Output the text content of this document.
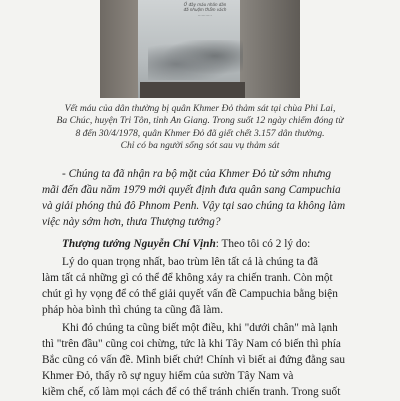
Ở đây máu nhân dân
đã nhuộm thắm vách
...........
Vết máu của dân thường bị quân Khmer Đỏ thảm sát tại chùa Phi Lai,
Ba Chúc, huyện Tri Tôn, tỉnh An Giang. Trong suốt 12 ngày chiếm đóng từ
8 đến 30/4/1978, quân Khmer Đỏ đã giết chết 3.157 dân thường.
Chỉ có ba người sống sót sau vụ thảm sát

- Chúng ta đã nhận ra bộ mặt của Khmer Đỏ từ sớm nhưng
mãi đến đầu năm 1979 mới quyết định đưa quân sang Campuchia
và giải phóng thủ đô Phnom Penh. Vậy tại sao chúng ta không làm
việc này sớm hơn, thưa Thượng tướng?

Thượng tướng Nguyễn Chí Vịnh: Theo tôi có 2 lý do:

Lý do quan trọng nhất, bao trùm lên tất cả là chúng ta đã
làm tất cả những gì có thể để không xảy ra chiến tranh. Còn một
chút gì hy vọng để có thể giải quyết vấn đề Campuchia bằng biện
pháp hòa bình thì chúng ta cũng đã làm.

Khi đó chúng ta cũng biết một điều, khi "dưới chân" mà lạnh
thì "trên đầu" cũng coi chừng, tức là khi Tây Nam có biến thì phía
Bắc cũng có vấn đề. Mình biết chứ! Chính vì biết ai đứng đằng sau
Khmer Đỏ, thấy rõ sự nguy hiểm của sườn Tây Nam và
kiềm chế, cố làm mọi cách để có thể tránh chiến tranh. Trong suốt
